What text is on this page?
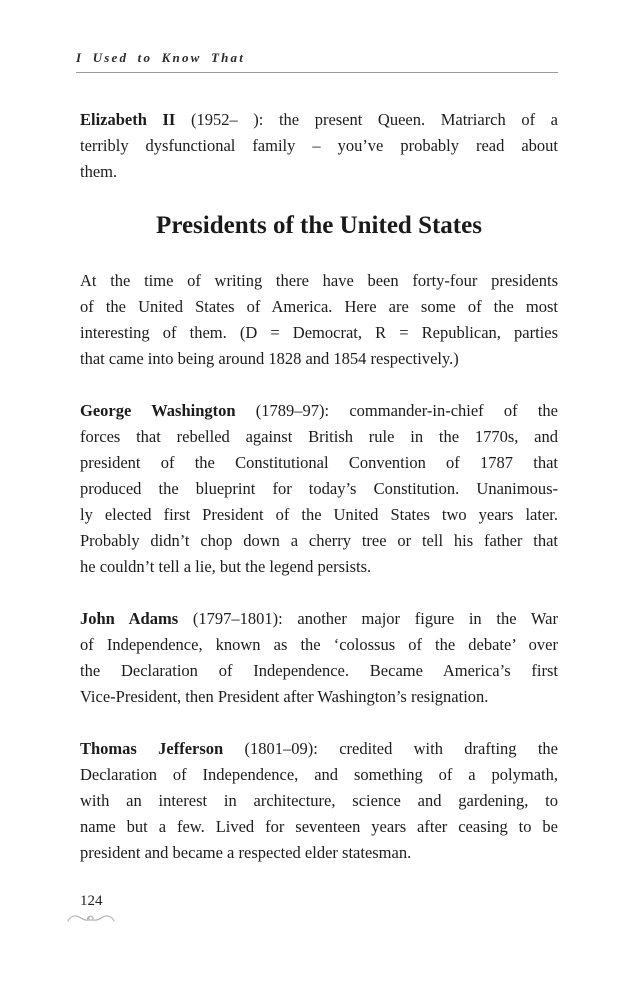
I Used to Know That
Elizabeth II (1952– ): the present Queen. Matriarch of a
terribly dysfunctional family – you’ve probably read about
them.
Presidents of the United States
At the time of writing there have been forty-four presidents
of the United States of America. Here are some of the most
interesting of them. (D = Democrat, R = Republican, parties
that came into being around 1828 and 1854 respectively.)
George Washington (1789–97): commander-in-chief of the
forces that rebelled against British rule in the 1770s, and
president of the Constitutional Convention of 1787 that
produced the blueprint for today’s Constitution. Unanimous-
ly elected first President of the United States two years later.
Probably didn’t chop down a cherry tree or tell his father that
he couldn’t tell a lie, but the legend persists.
John Adams (1797–1801): another major figure in the War
of Independence, known as the ‘colossus of the debate’ over
the Declaration of Independence. Became America’s first
Vice-President, then President after Washington’s resignation.
Thomas Jefferson (1801–09): credited with drafting the
Declaration of Independence, and something of a polymath,
with an interest in architecture, science and gardening, to
name but a few. Lived for seventeen years after ceasing to be
president and became a respected elder statesman.
124
